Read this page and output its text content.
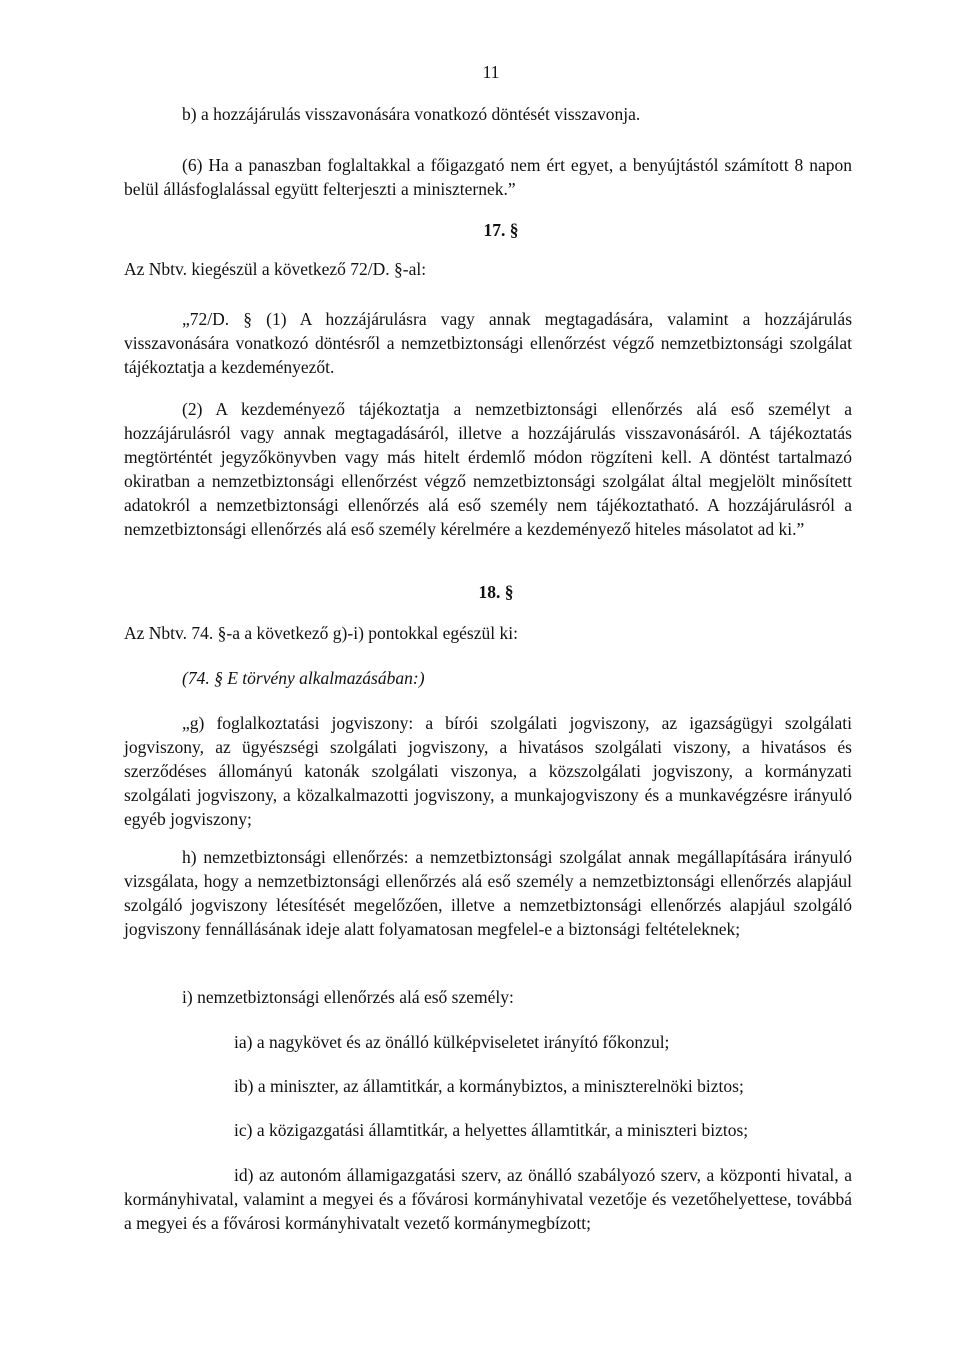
11

b) a hozzájárulás visszavonására vonatkozó döntését visszavonja.

(6) Ha a panaszban foglaltakkal a főigazgató nem ért egyet, a benyújtástól számított 8 napon belül állásfoglalással együtt felterjeszti a miniszternek.”

17. §

Az Nbtv. kiegészül a következő 72/D. §-al:

„72/D. § (1) A hozzájárulásra vagy annak megtagadására, valamint a hozzájárulás visszavonására vonatkozó döntésről a nemzetbiztonsági ellenőrzést végző nemzetbiztonsági szolgálat tájékoztatja a kezdeményezőt.

(2) A kezdeményező tájékoztatja a nemzetbiztonsági ellenőrzés alá eső személyt a hozzájárulásról vagy annak megtagadásáról, illetve a hozzájárulás visszavonásáról. A tájékoztatás megtörténtét jegyzőkönyvben vagy más hitelt érdemlő módon rögzíteni kell. A döntést tartalmazó okiratban a nemzetbiztonsági ellenőrzést végző nemzetbiztonsági szolgálat által megjelölt minősített adatokról a nemzetbiztonsági ellenőrzés alá eső személy nem tájékoztatható. A hozzájárulásról a nemzetbiztonsági ellenőrzés alá eső személy kérelmére a kezdeményező hiteles másolatot ad ki.”

18. §

Az Nbtv. 74. §-a a következő g)-i) pontokkal egészül ki:

(74. § E törvény alkalmazásában:)

„g) foglalkoztatási jogviszony: a bírói szolgálati jogviszony, az igazságügyi szolgálati jogviszony, az ügyészségi szolgálati jogviszony, a hivatásos szolgálati viszony, a hivatásos és szerződéses állományú katonák szolgálati viszonya, a közszolgálati jogviszony, a kormányzati szolgálati jogviszony, a közalkalmazotti jogviszony, a munkajogviszony és a munkavégzésre irányuló egyéb jogviszony;

h) nemzetbiztonsági ellenőrzés: a nemzetbiztonsági szolgálat annak megállapítására irányuló vizsgálata, hogy a nemzetbiztonsági ellenőrzés alá eső személy a nemzetbiztonsági ellenőrzés alapjául szolgáló jogviszony létesítését megelőzően, illetve a nemzetbiztonsági ellenőrzés alapjául szolgáló jogviszony fennállásának ideje alatt folyamatosan megfelel-e a biztonsági feltételeknek;

i) nemzetbiztonsági ellenőrzés alá eső személy:

ia) a nagykövet és az önálló külképviseletet irányító főkonzul;

ib) a miniszter, az államtitkár, a kormánybiztos, a miniszterelnöki biztos;

ic) a közigazgatási államtitkár, a helyettes államtitkár, a miniszteri biztos;

id) az autonóm államigazgatási szerv, az önálló szabályozó szerv, a központi hivatal, a kormányhivatal, valamint a megyei és a fővárosi kormányhivatal vezetője és vezetőhelyettese, továbbá a megyei és a fővárosi kormányhivatalt vezető kormánymegbízott;
